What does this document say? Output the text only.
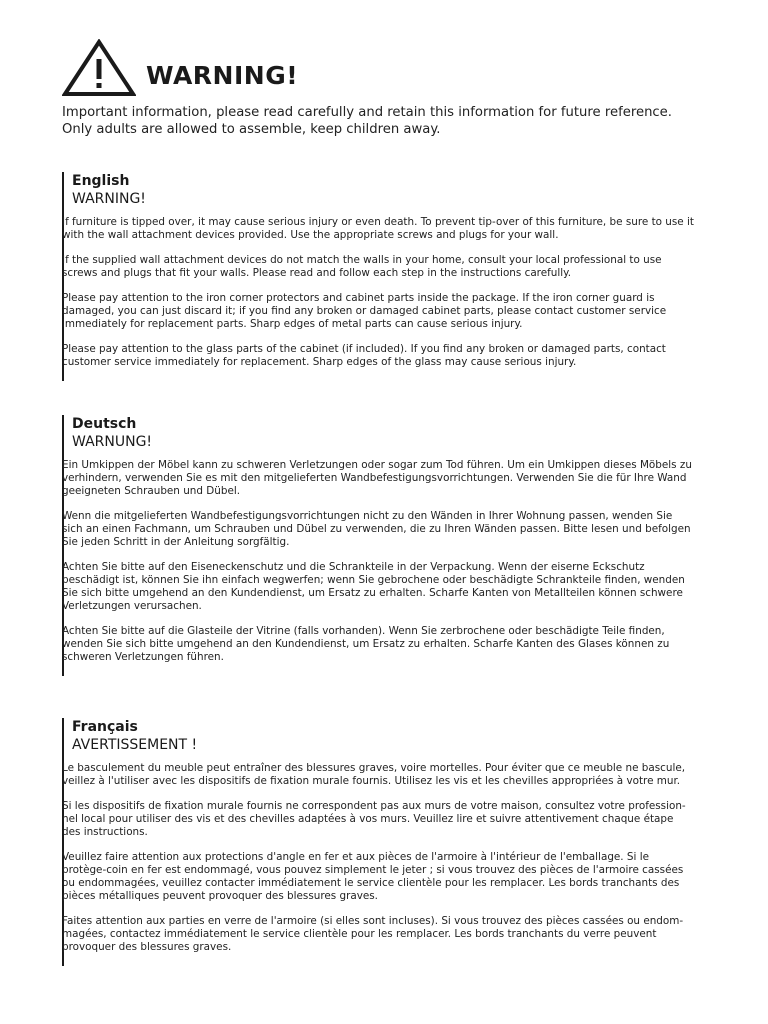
WARNING!

Important information, please read carefully and retain this information for future reference.

Only adults are allowed to assemble, keep children away.

English
WARNING!

If furniture is tipped over, it may cause serious injury or even death. To prevent tip-over of this furniture, be sure to use it with the wall attachment devices provided. Use the appropriate screws and plugs for your wall.

If the supplied wall attachment devices do not match the walls in your home, consult your local professional to use screws and plugs that fit your walls. Please read and follow each step in the instructions carefully.

Please pay attention to the iron corner protectors and cabinet parts inside the package. If the iron corner guard is damaged, you can just discard it; if you find any broken or damaged cabinet parts, please contact customer service immediately for replacement parts. Sharp edges of metal parts can cause serious injury.

Please pay attention to the glass parts of the cabinet (if included). If you find any broken or damaged parts, contact customer service immediately for replacement. Sharp edges of the glass may cause serious injury.

Deutsch
WARNUNG!

Ein Umkippen der Möbel kann zu schweren Verletzungen oder sogar zum Tod führen. Um ein Umkippen dieses Möbels zu verhindern, verwenden Sie es mit den mitgelieferten Wandbefestigungsvorrichtungen. Verwenden Sie die für Ihre Wand geeigneten Schrauben und Dübel.

Wenn die mitgelieferten Wandbefestigungsvorrichtungen nicht zu den Wänden in Ihrer Wohnung passen, wenden Sie sich an einen Fachmann, um Schrauben und Dübel zu verwenden, die zu Ihren Wänden passen. Bitte lesen und befolgen Sie jeden Schritt in der Anleitung sorgfältig.

Achten Sie bitte auf den Eiseneckenschutz und die Schrankteile in der Verpackung. Wenn der eiserne Eckschutz beschädigt ist, können Sie ihn einfach wegwerfen; wenn Sie gebrochene oder beschädigte Schrankteile finden, wenden Sie sich bitte umgehend an den Kundendienst, um Ersatz zu erhalten. Scharfe Kanten von Metallteilen können schwere Verletzungen verursachen.

Achten Sie bitte auf die Glasteile der Vitrine (falls vorhanden). Wenn Sie zerbrochene oder beschädigte Teile finden, wenden Sie sich bitte umgehend an den Kundendienst, um Ersatz zu erhalten. Scharfe Kanten des Glases können zu schweren Verletzungen führen.

Français
AVERTISSEMENT !

Le basculement du meuble peut entraîner des blessures graves, voire mortelles. Pour éviter que ce meuble ne bascule, veillez à l'utiliser avec les dispositifs de fixation murale fournis. Utilisez les vis et les chevilles appropriées à votre mur.

Si les dispositifs de fixation murale fournis ne correspondent pas aux murs de votre maison, consultez votre profession-nel local pour utiliser des vis et des chevilles adaptées à vos murs. Veuillez lire et suivre attentivement chaque étape des instructions.

Veuillez faire attention aux protections d'angle en fer et aux pièces de l'armoire à l'intérieur de l'emballage. Si le protège-coin en fer est endommagé, vous pouvez simplement le jeter ; si vous trouvez des pièces de l'armoire cassées ou endommagées, veuillez contacter immédiatement le service clientèle pour les remplacer. Les bords tranchants des pièces métalliques peuvent provoquer des blessures graves.

Faites attention aux parties en verre de l'armoire (si elles sont incluses). Si vous trouvez des pièces cassées ou endom-magées, contactez immédiatement le service clientèle pour les remplacer. Les bords tranchants du verre peuvent provoquer des blessures graves.
